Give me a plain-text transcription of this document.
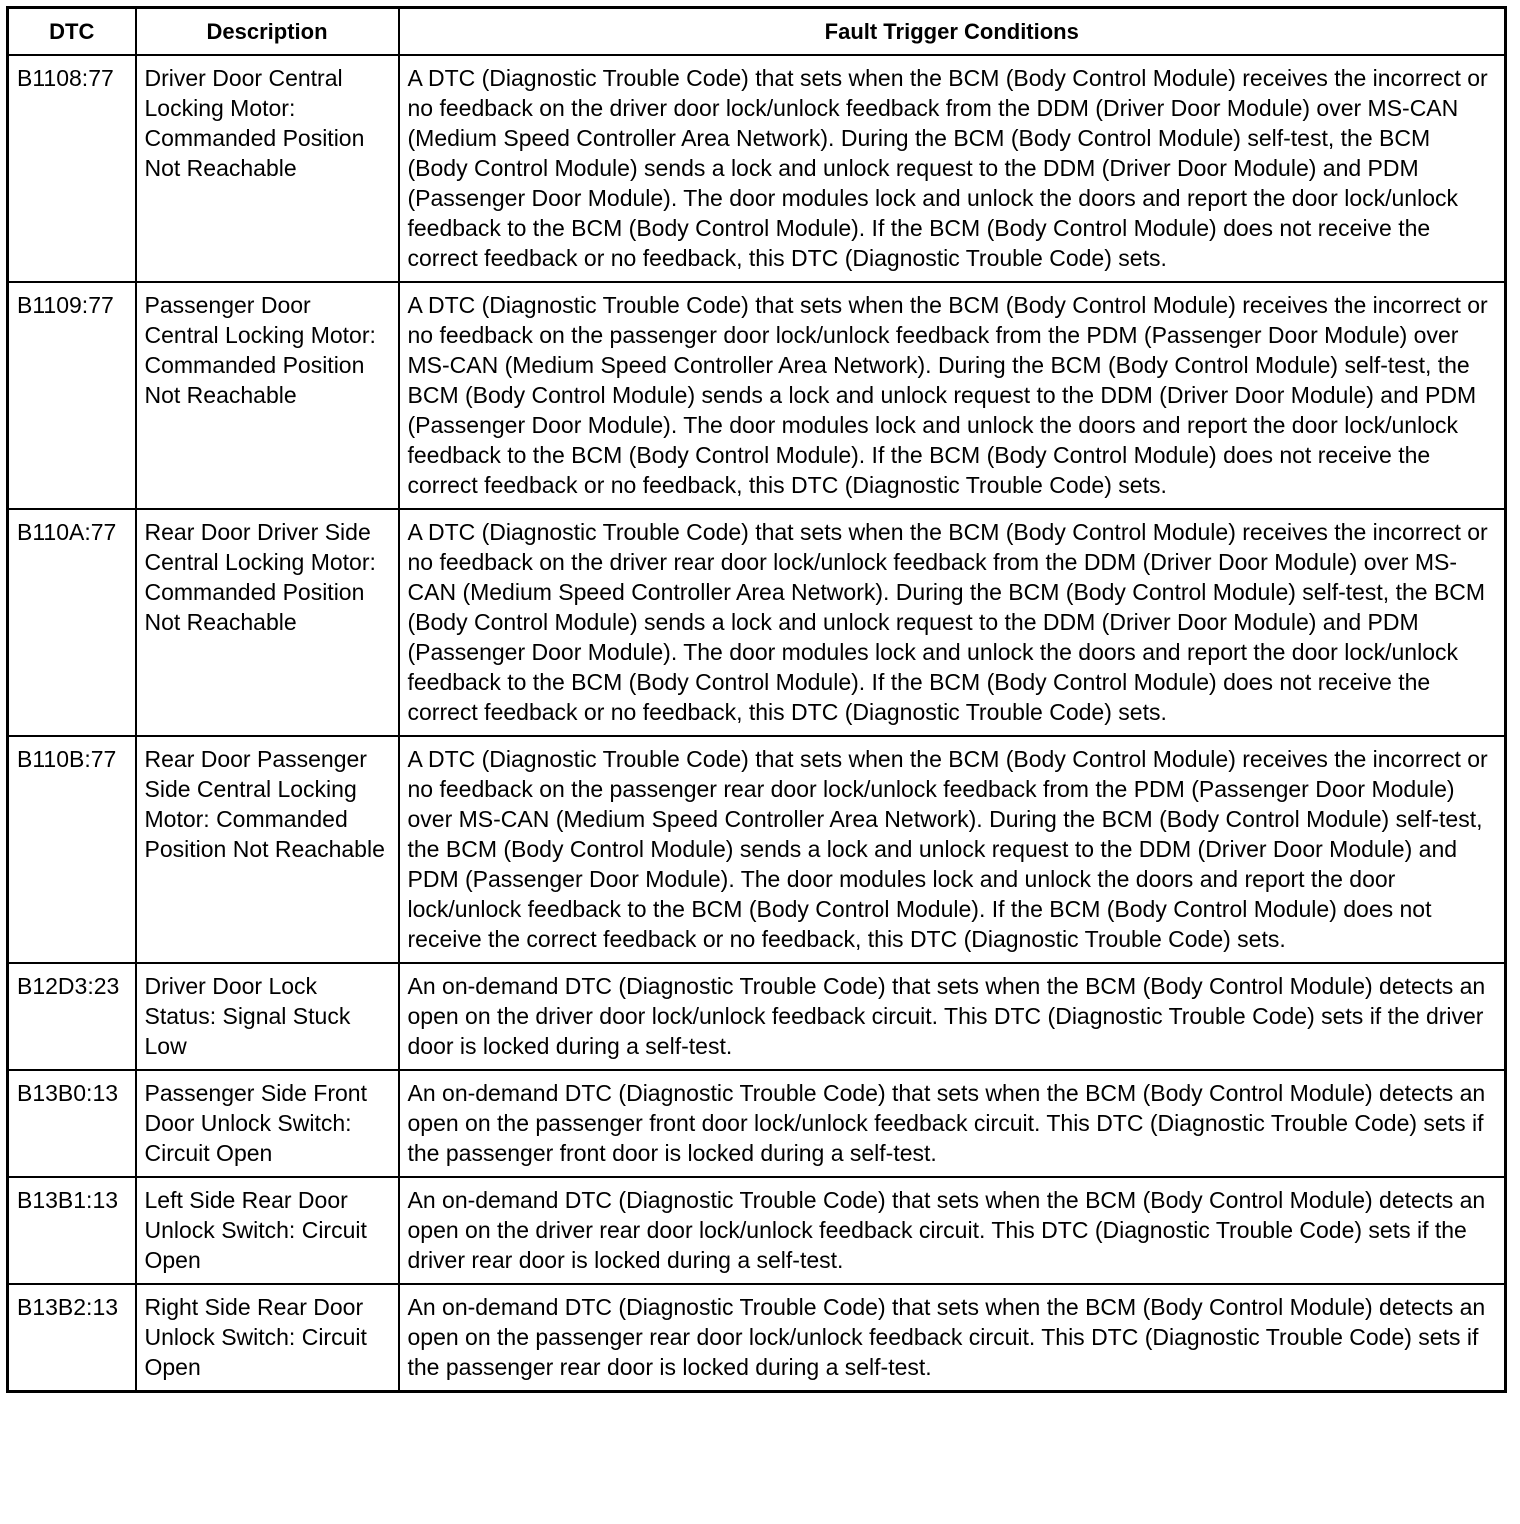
DTC	Description	Fault Trigger Conditions
B1108:77	Driver Door Central Locking Motor: Commanded Position Not Reachable	A DTC (Diagnostic Trouble Code) that sets when the BCM (Body Control Module) receives the incorrect or no feedback on the driver door lock/unlock feedback from the DDM (Driver Door Module) over MS-CAN (Medium Speed Controller Area Network). During the BCM (Body Control Module) self-test, the BCM (Body Control Module) sends a lock and unlock request to the DDM (Driver Door Module) and PDM (Passenger Door Module). The door modules lock and unlock the doors and report the door lock/unlock feedback to the BCM (Body Control Module). If the BCM (Body Control Module) does not receive the correct feedback or no feedback, this DTC (Diagnostic Trouble Code) sets.
B1109:77	Passenger Door Central Locking Motor: Commanded Position Not Reachable	A DTC (Diagnostic Trouble Code) that sets when the BCM (Body Control Module) receives the incorrect or no feedback on the passenger door lock/unlock feedback from the PDM (Passenger Door Module) over MS-CAN (Medium Speed Controller Area Network). During the BCM (Body Control Module) self-test, the BCM (Body Control Module) sends a lock and unlock request to the DDM (Driver Door Module) and PDM (Passenger Door Module). The door modules lock and unlock the doors and report the door lock/unlock feedback to the BCM (Body Control Module). If the BCM (Body Control Module) does not receive the correct feedback or no feedback, this DTC (Diagnostic Trouble Code) sets.
B110A:77	Rear Door Driver Side Central Locking Motor: Commanded Position Not Reachable	A DTC (Diagnostic Trouble Code) that sets when the BCM (Body Control Module) receives the incorrect or no feedback on the driver rear door lock/unlock feedback from the DDM (Driver Door Module) over MS-CAN (Medium Speed Controller Area Network). During the BCM (Body Control Module) self-test, the BCM (Body Control Module) sends a lock and unlock request to the DDM (Driver Door Module) and PDM (Passenger Door Module). The door modules lock and unlock the doors and report the door lock/unlock feedback to the BCM (Body Control Module). If the BCM (Body Control Module) does not receive the correct feedback or no feedback, this DTC (Diagnostic Trouble Code) sets.
B110B:77	Rear Door Passenger Side Central Locking Motor: Commanded Position Not Reachable	A DTC (Diagnostic Trouble Code) that sets when the BCM (Body Control Module) receives the incorrect or no feedback on the passenger rear door lock/unlock feedback from the PDM (Passenger Door Module) over MS-CAN (Medium Speed Controller Area Network). During the BCM (Body Control Module) self-test, the BCM (Body Control Module) sends a lock and unlock request to the DDM (Driver Door Module) and PDM (Passenger Door Module). The door modules lock and unlock the doors and report the door lock/unlock feedback to the BCM (Body Control Module). If the BCM (Body Control Module) does not receive the correct feedback or no feedback, this DTC (Diagnostic Trouble Code) sets.
B12D3:23	Driver Door Lock Status: Signal Stuck Low	An on-demand DTC (Diagnostic Trouble Code) that sets when the BCM (Body Control Module) detects an open on the driver door lock/unlock feedback circuit. This DTC (Diagnostic Trouble Code) sets if the driver door is locked during a self-test.
B13B0:13	Passenger Side Front Door Unlock Switch: Circuit Open	An on-demand DTC (Diagnostic Trouble Code) that sets when the BCM (Body Control Module) detects an open on the passenger front door lock/unlock feedback circuit. This DTC (Diagnostic Trouble Code) sets if the passenger front door is locked during a self-test.
B13B1:13	Left Side Rear Door Unlock Switch: Circuit Open	An on-demand DTC (Diagnostic Trouble Code) that sets when the BCM (Body Control Module) detects an open on the driver rear door lock/unlock feedback circuit. This DTC (Diagnostic Trouble Code) sets if the driver rear door is locked during a self-test.
B13B2:13	Right Side Rear Door Unlock Switch: Circuit Open	An on-demand DTC (Diagnostic Trouble Code) that sets when the BCM (Body Control Module) detects an open on the passenger rear door lock/unlock feedback circuit. This DTC (Diagnostic Trouble Code) sets if the passenger rear door is locked during a self-test.
